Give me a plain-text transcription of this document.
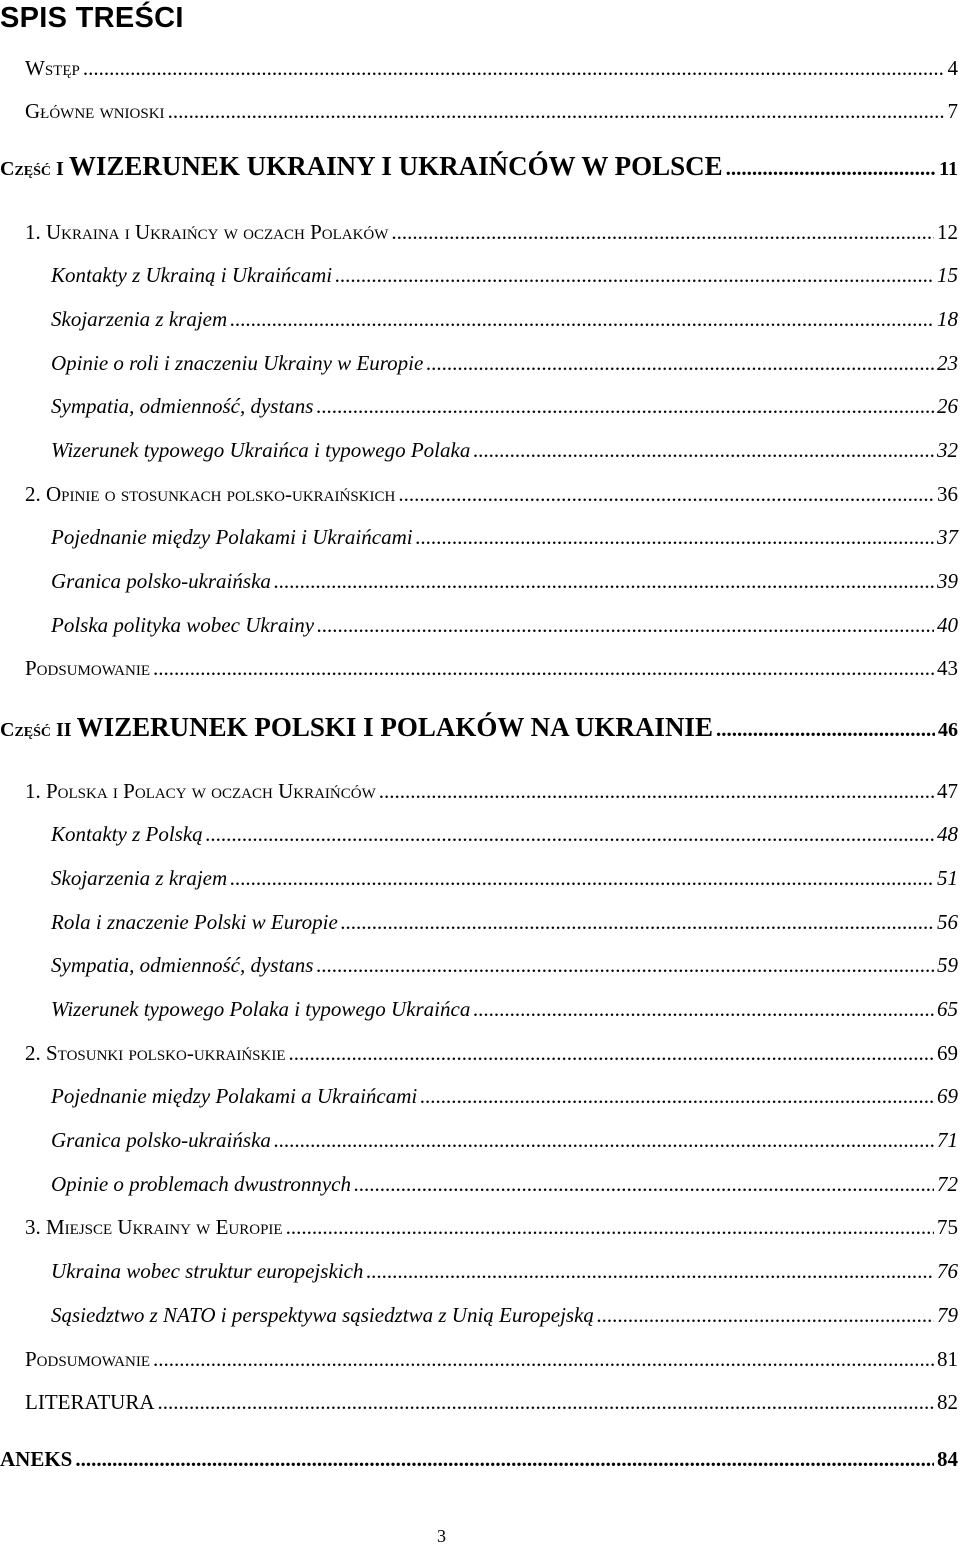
SPIS TREŚCI
Wstęp .....	4
Główne wnioski .....	7
Część I WIZERUNEK UKRAINY I UKRAIŃCÓW W POLSCE .....	11
1. Ukraina i Ukraińcy w oczach Polaków .....	12
Kontakty z Ukrainą i Ukraińcami .....	15
Skojarzenia z krajem .....	18
Opinie o roli i znaczeniu Ukrainy w Europie .....	23
Sympatia, odmienność, dystans .....	26
Wizerunek typowego Ukraińca i typowego Polaka .....	32
2. Opinie o stosunkach polsko-ukraińskich .....	36
Pojednanie między Polakami i Ukraińcami .....	37
Granica polsko-ukraińska .....	39
Polska polityka wobec Ukrainy .....	40
Podsumowanie .....	43
Część II WIZERUNEK POLSKI I POLAKÓW NA UKRAINIE .....	46
1. Polska i Polacy w oczach Ukraińców .....	47
Kontakty z Polską .....	48
Skojarzenia z krajem .....	51
Rola i znaczenie Polski w Europie .....	56
Sympatia, odmienność, dystans .....	59
Wizerunek typowego Polaka i typowego Ukraińca .....	65
2. Stosunki polsko-ukraińskie .....	69
Pojednanie między Polakami a Ukraińcami .....	69
Granica polsko-ukraińska .....	71
Opinie o problemach dwustronnych .....	72
3. Miejsce Ukrainy w Europie .....	75
Ukraina wobec struktur europejskich .....	76
Sąsiedztwo z NATO i perspektywa sąsiedztwa z Unią Europejską .....	79
Podsumowanie .....	81
LITERATURA .....	82
ANEKS .....	84
3
